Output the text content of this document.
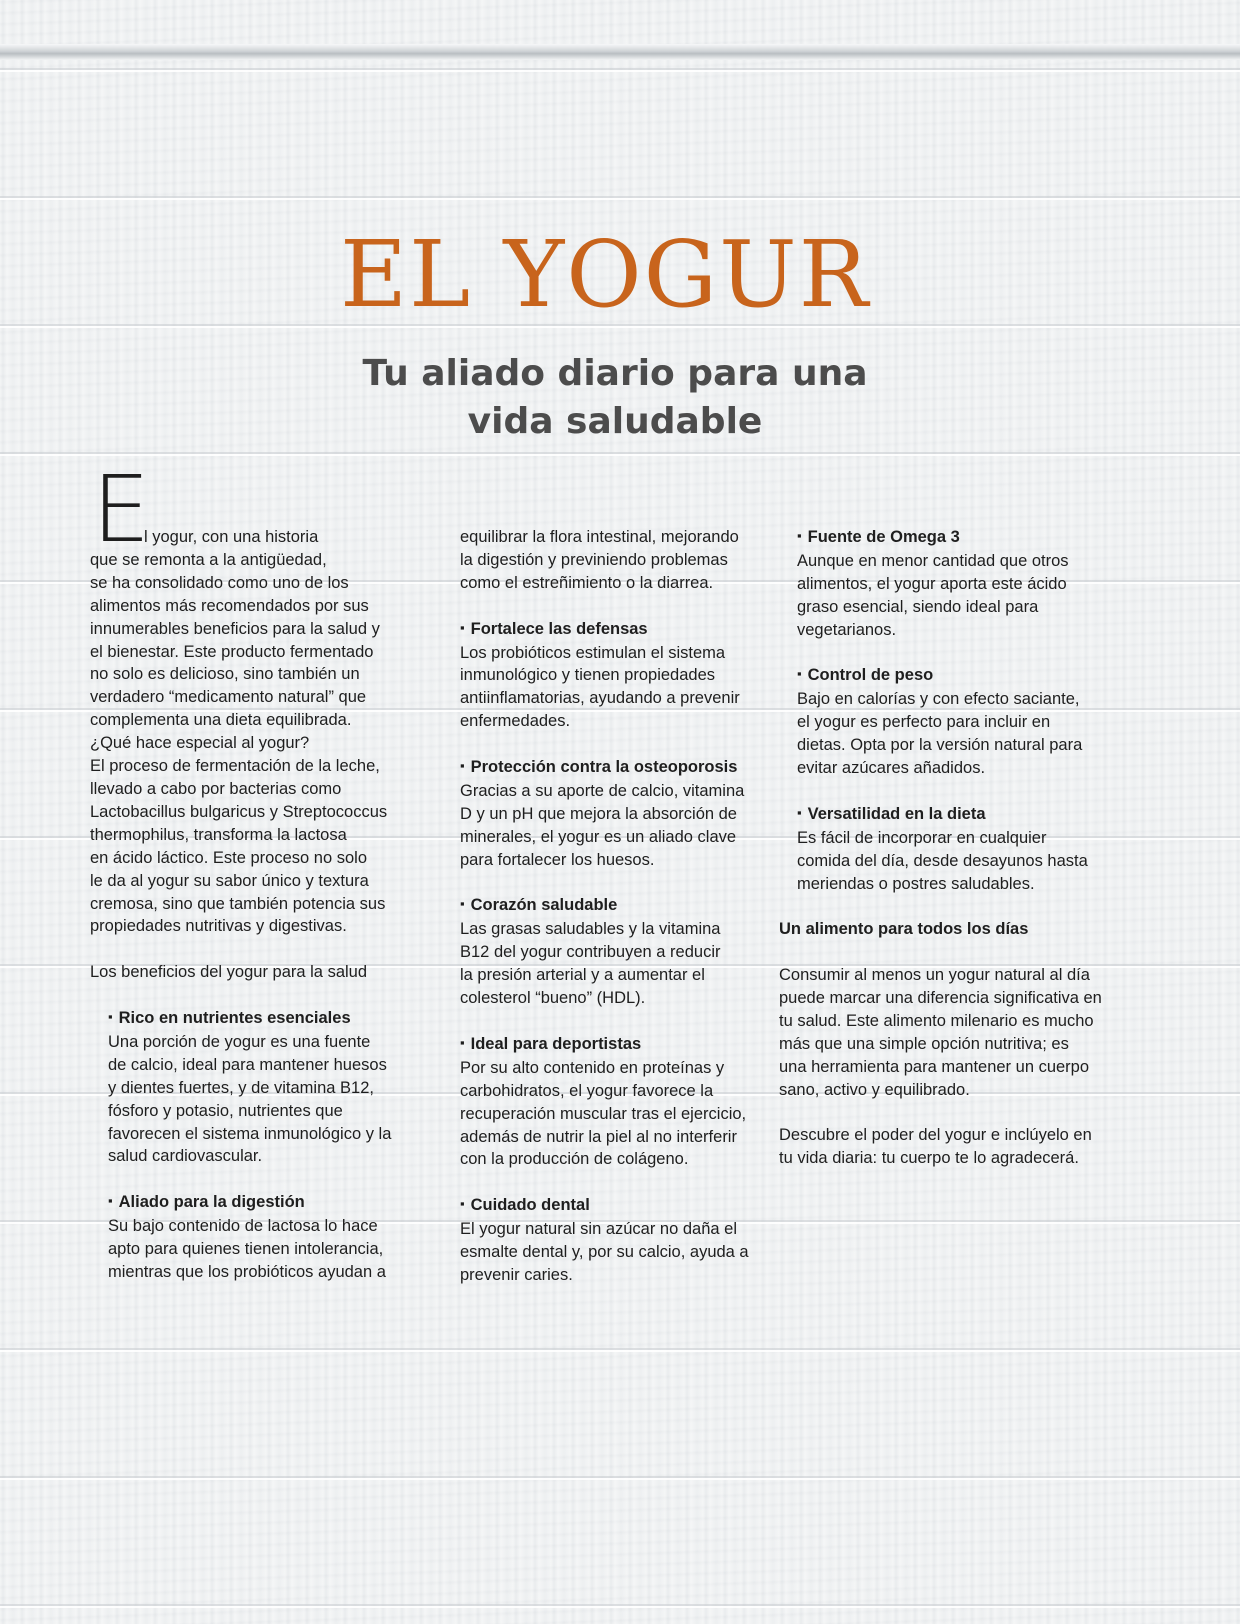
EL YOGUR
Tu aliado diario para una
vida saludable
E

l yogur, con una historia

que se remonta a la antigüedad,

se ha consolidado como uno de los

alimentos más recomendados por sus

innumerables beneficios para la salud y

el bienestar. Este producto fermentado

no solo es delicioso, sino también un

verdadero “medicamento natural” que

complementa una dieta equilibrada.

¿Qué hace especial al yogur?

El proceso de fermentación de la leche,

llevado a cabo por bacterias como

Lactobacillus bulgaricus y Streptococcus

thermophilus, transforma la lactosa

en ácido láctico. Este proceso no solo

le da al yogur su sabor único y textura

cremosa, sino que también potencia sus

propiedades nutritivas y digestivas.

Los beneficios del yogur para la salud

▪ Rico en nutrientes esenciales

Una porción de yogur es una fuente

de calcio, ideal para mantener huesos

y dientes fuertes, y de vitamina B12,

fósforo y potasio, nutrientes que

favorecen el sistema inmunológico y la

salud cardiovascular.

▪ Aliado para la digestión

Su bajo contenido de lactosa lo hace

apto para quienes tienen intolerancia,

mientras que los probióticos ayudan a

equilibrar la flora intestinal, mejorando

la digestión y previniendo problemas

como el estreñimiento o la diarrea.

▪ Fortalece las defensas

Los probióticos estimulan el sistema

inmunológico y tienen propiedades

antiinflamatorias, ayudando a prevenir

enfermedades.

▪ Protección contra la osteoporosis

Gracias a su aporte de calcio, vitamina

D y un pH que mejora la absorción de

minerales, el yogur es un aliado clave

para fortalecer los huesos.

▪ Corazón saludable

Las grasas saludables y la vitamina

B12 del yogur contribuyen a reducir

la presión arterial y a aumentar el

colesterol “bueno” (HDL).

▪ Ideal para deportistas

Por su alto contenido en proteínas y

carbohidratos, el yogur favorece la

recuperación muscular tras el ejercicio,

además de nutrir la piel al no interferir

con la producción de colágeno.

▪ Cuidado dental

El yogur natural sin azúcar no daña el

esmalte dental y, por su calcio, ayuda a

prevenir caries.

▪ Fuente de Omega 3

Aunque en menor cantidad que otros

alimentos, el yogur aporta este ácido

graso esencial, siendo ideal para

vegetarianos.

▪ Control de peso

Bajo en calorías y con efecto saciante,

el yogur es perfecto para incluir en

dietas. Opta por la versión natural para

evitar azúcares añadidos.

▪ Versatilidad en la dieta

Es fácil de incorporar en cualquier

comida del día, desde desayunos hasta

meriendas o postres saludables.

Un alimento para todos los días

Consumir al menos un yogur natural al día

puede marcar una diferencia significativa en

tu salud. Este alimento milenario es mucho

más que una simple opción nutritiva; es

una herramienta para mantener un cuerpo

sano, activo y equilibrado.

Descubre el poder del yogur e inclúyelo en

tu vida diaria: tu cuerpo te lo agradecerá.
